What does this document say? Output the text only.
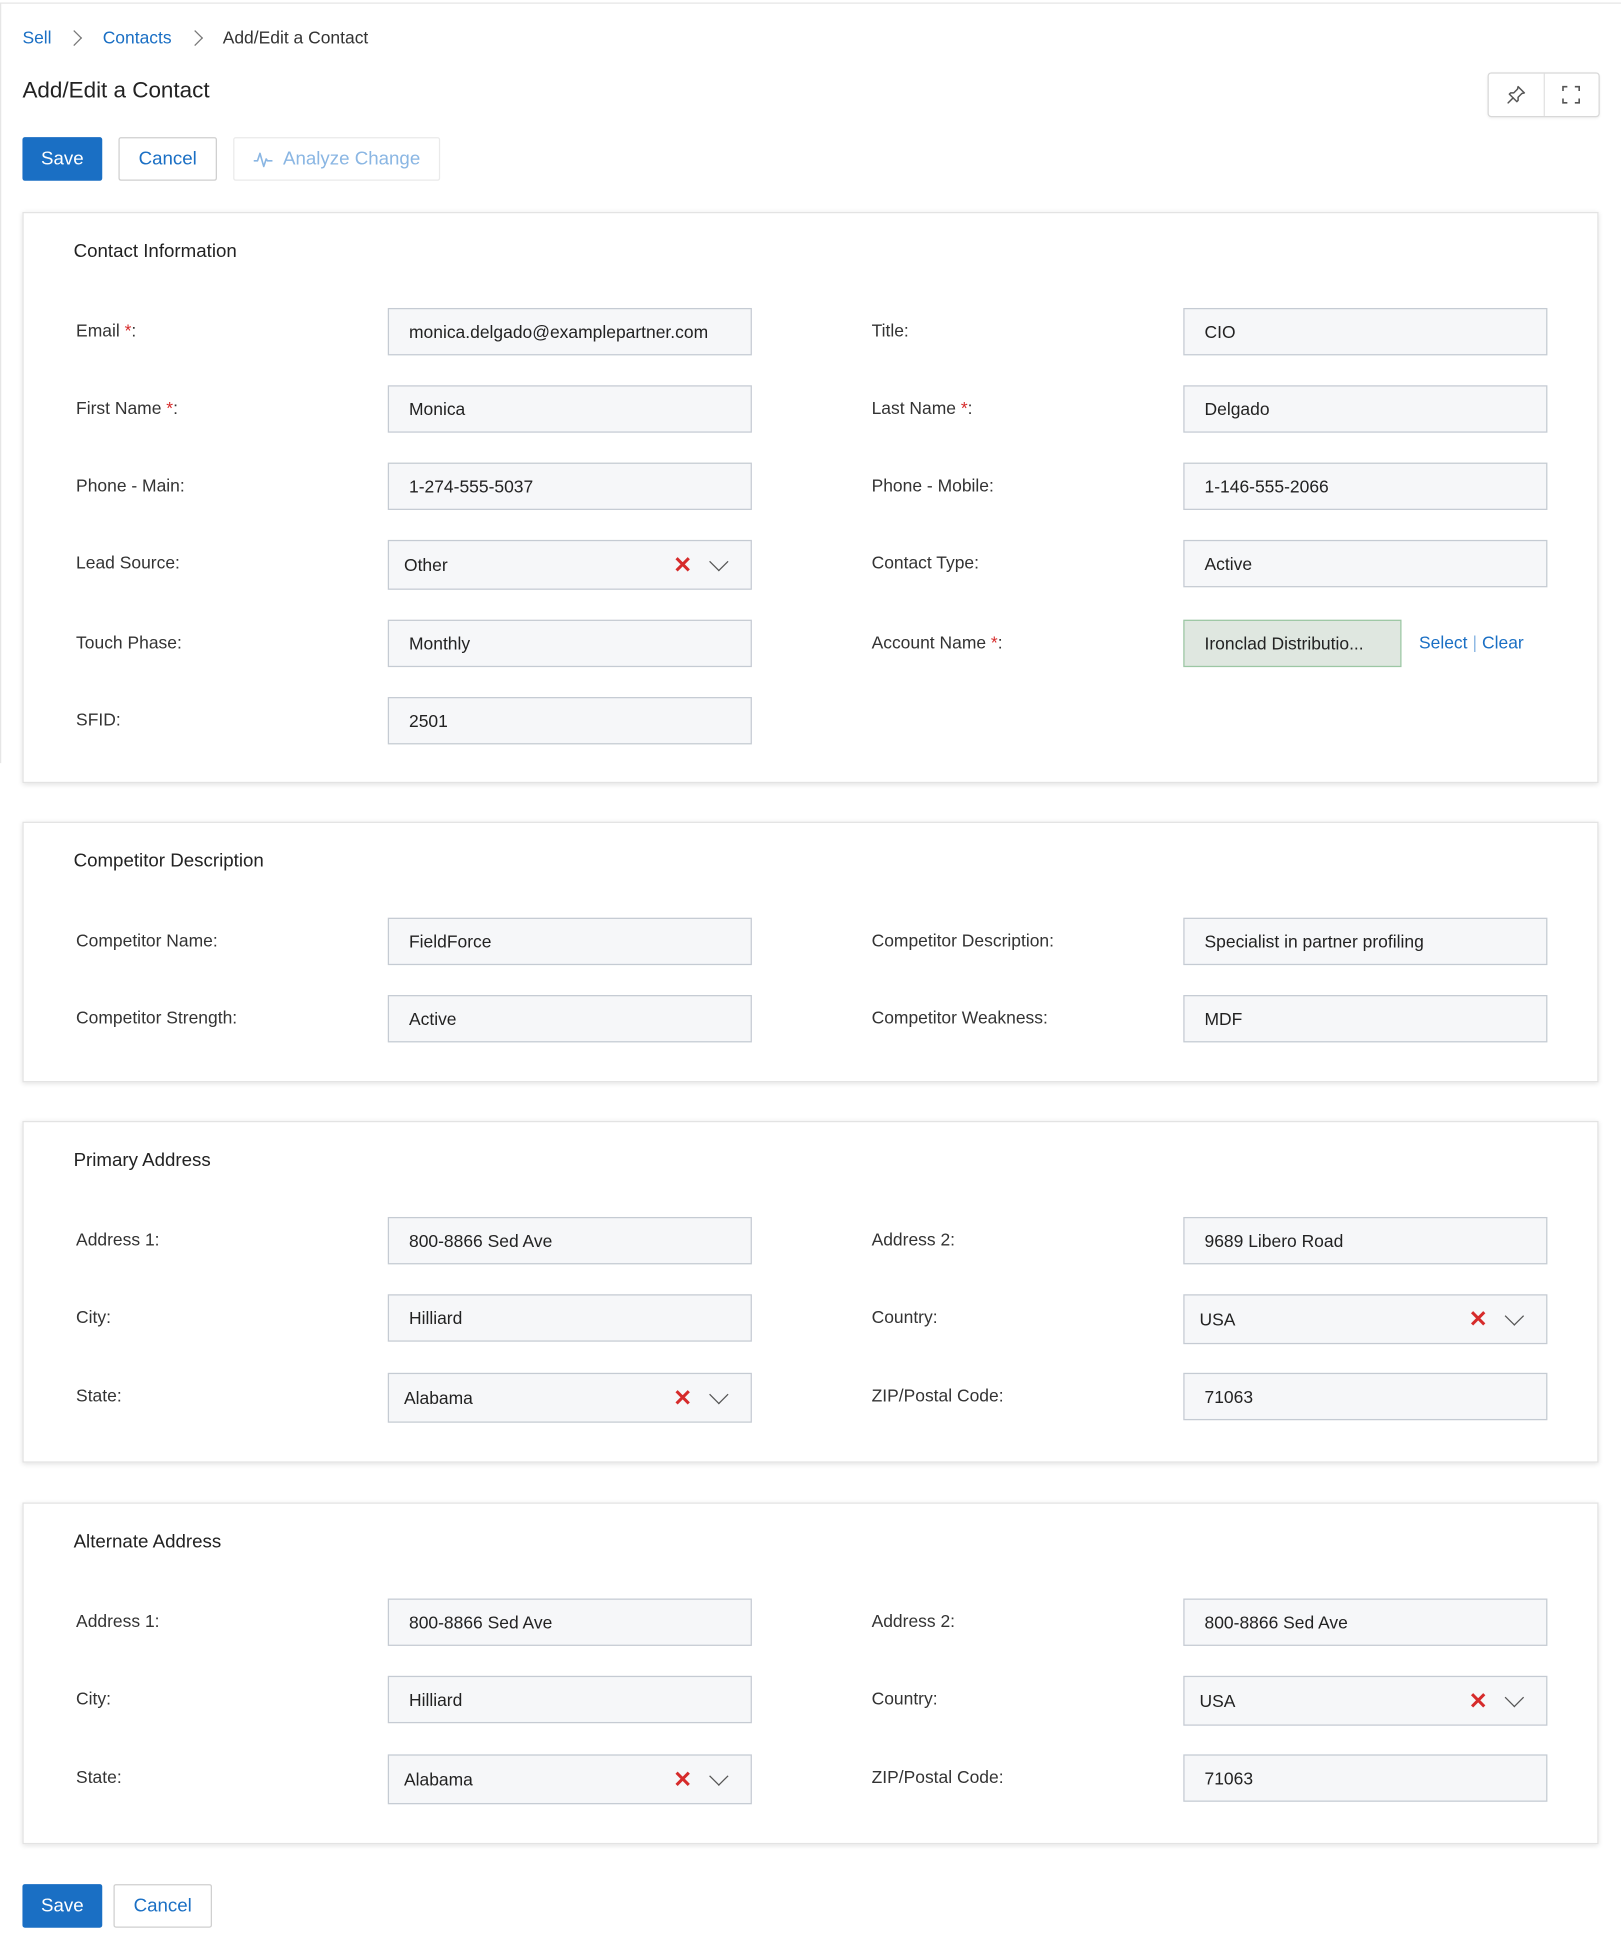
Sell	Contacts	Add/Edit a Contact
Add/Edit a Contact
Save	Cancel	Analyze Change
Contact Information
Email *:	monica.delgado@examplepartner.com	Title:	CIO
First Name *:	Monica	Last Name *:	Delgado
Phone - Main:	1-274-555-5037	Phone - Mobile:	1-146-555-2066
Lead Source:	Other	✕	Contact Type:	Active
Touch Phase:	Monthly	Account Name *:	Ironclad Distributio...	Select | Clear
SFID:	2501
Competitor Description
Competitor Name:	FieldForce	Competitor Description:	Specialist in partner profiling
Competitor Strength:	Active	Competitor Weakness:	MDF
Primary Address
Address 1:	800-8866 Sed Ave	Address 2:	9689 Libero Road
City:	Hilliard	Country:	USA	✕
State:	Alabama	✕	ZIP/Postal Code:	71063
Alternate Address
Address 1:	800-8866 Sed Ave	Address 2:	800-8866 Sed Ave
City:	Hilliard	Country:	USA	✕
State:	Alabama	✕	ZIP/Postal Code:	71063
Save	Cancel
